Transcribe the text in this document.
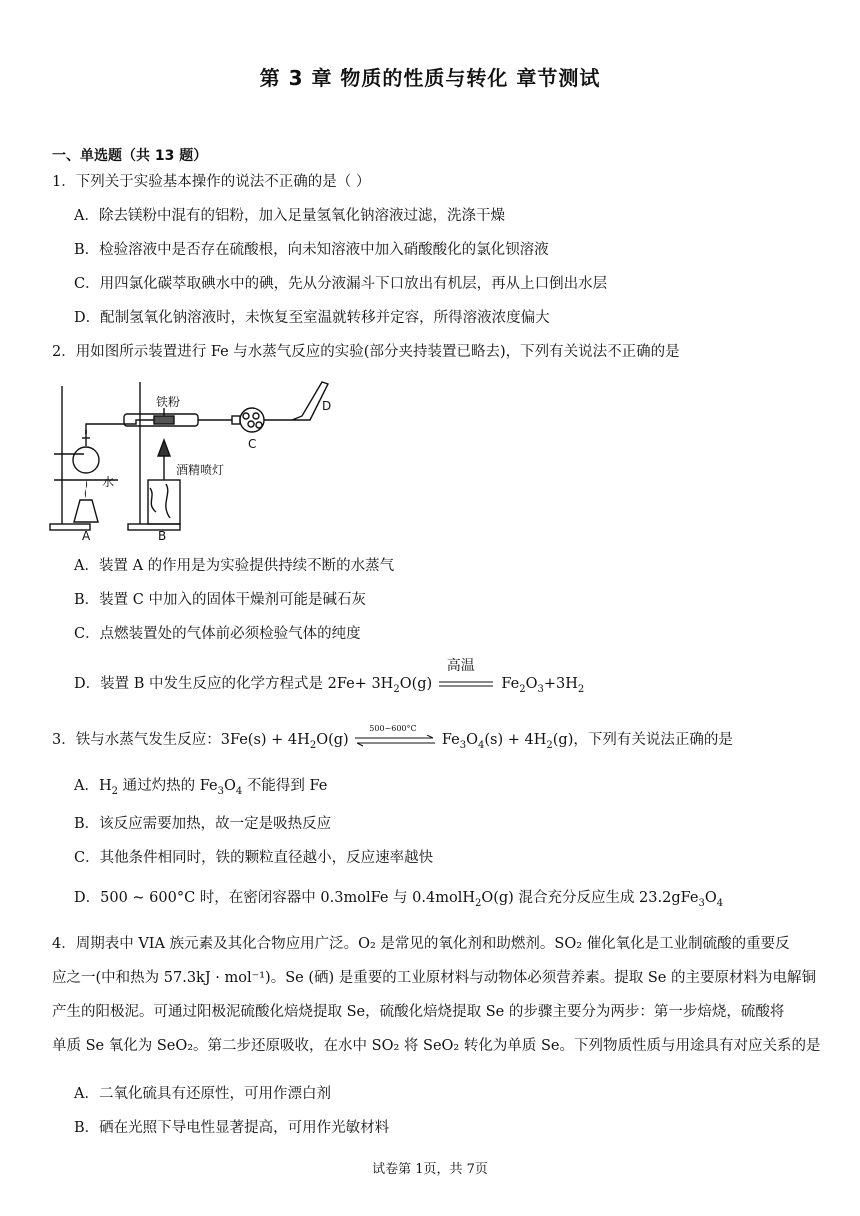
第 3 章 物质的性质与转化 章节测试
一、单选题（共 13 题）
1．下列关于实验基本操作的说法不正确的是（ ）
A．除去镁粉中混有的铝粉，加入足量氢氧化钠溶液过滤，洗涤干燥
B．检验溶液中是否存在硫酸根，向未知溶液中加入硝酸酸化的氯化钡溶液
C．用四氯化碳萃取碘水中的碘，先从分液漏斗下口放出有机层，再从上口倒出水层
D．配制氢氧化钠溶液时，未恢复至室温就转移并定容，所得溶液浓度偏大
2．用如图所示装置进行 Fe 与水蒸气反应的实验(部分夹持装置已略去)，下列有关说法不正确的是
水
A
铁粉
酒精喷灯
B
C
D
A．装置 A 的作用是为实验提供持续不断的水蒸气
B．装置 C 中加入的固体干燥剂可能是碱石灰
C．点燃装置处的气体前必须检验气体的纯度
D．装置 B 中发生反应的化学方程式是 $2Fe+ 3H_2O(g)$
高温
$Fe_2O_3+3H_2$
3．铁与水蒸气发生反应：$3Fe(s) + 4H_2O(g)$
500~600°C
$Fe_3O_4(s) + 4H_2(g)$，下列有关说法正确的是
A．$H_2$ 通过灼热的 $Fe_3O_4$ 不能得到 Fe
B．该反应需要加热，故一定是吸热反应
C．其他条件相同时，铁的颗粒直径越小，反应速率越快
D．500 ~ 600°C 时，在密闭容器中 0.3molFe 与 0.4molH$_2$O(g) 混合充分反应生成 $23.2gFe_3O_4$
4．周期表中 VIA 族元素及其化合物应用广泛。O₂ 是常见的氧化剂和助燃剂。SO₂ 催化氧化是工业制硫酸的重要反
应之一(中和热为 57.3kJ · mol⁻¹)。Se (硒) 是重要的工业原材料与动物体必须营养素。提取 Se 的主要原材料为电解铜
产生的阳极泥。可通过阳极泥硫酸化焙烧提取 Se，硫酸化焙烧提取 Se 的步骤主要分为两步：第一步焙烧，硫酸将
单质 Se 氧化为 SeO₂。第二步还原吸收，在水中 SO₂ 将 SeO₂ 转化为单质 Se。下列物质性质与用途具有对应关系的是
A．二氧化硫具有还原性，可用作漂白剂
B．硒在光照下导电性显著提高，可用作光敏材料
试卷第 1页，共 7页
